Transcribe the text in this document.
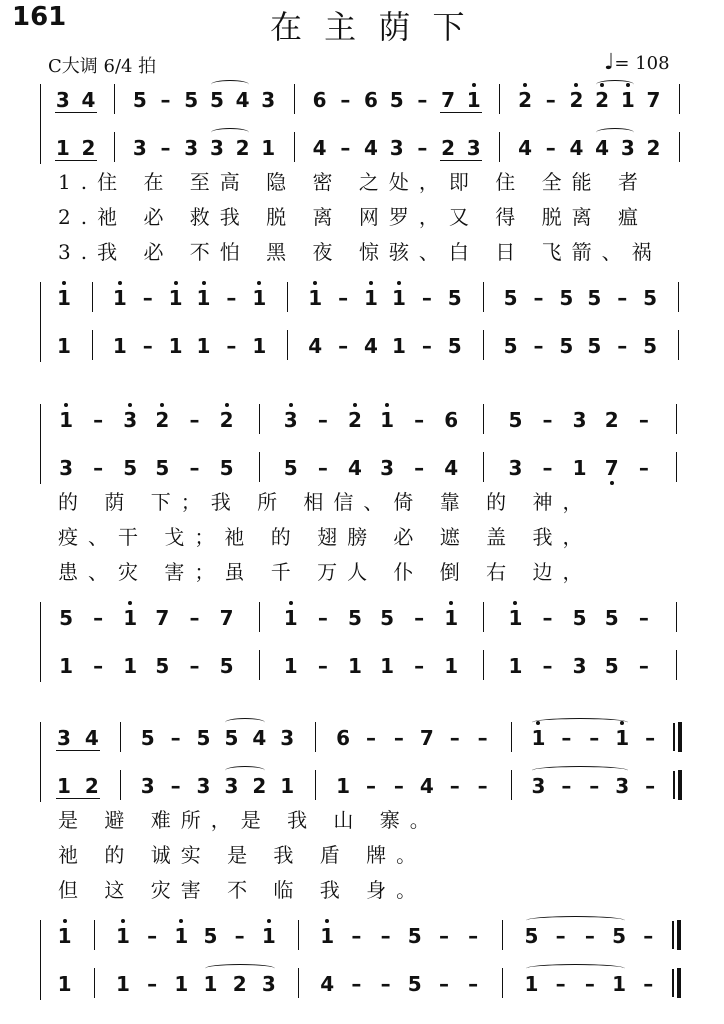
161	在 主 荫 下
C大调 6/4 拍	♩= 108
3 4 5 – 5 5 4 3 6 – 6 5 – 7 1 2 – 2 2 1 7
1 2 3 – 3 3 2 1 4 – 4 3 – 2 3 4 – 4 4 3 2
1.住 在 至高 隐 密 之处，即 住 全能 者
2.祂 必 救我 脱 离 网罗，又 得 脱离 瘟
3.我 必 不怕 黑 夜 惊骇、白 日 飞箭、祸
1 1 – 1 1 – 1 1 – 1 1 – 5 5 – 5 5 – 5
1 1 – 1 1 – 1 4 – 4 1 – 5 5 – 5 5 – 5
1 – 3 2 – 2	3 – 2 1 – 6	5 – 3 2 –
3 – 5 5 – 5	5 – 4 3 – 4	3 – 1 7 –
的 荫 下；我 所 相信、倚 靠 的 神，
疫、干 戈；祂 的 翅膀 必 遮 盖 我，
患、灾 害；虽 千 万人 仆 倒 右 边，
5 – 1 7 – 7	1 – 5 5 – 1	1 – 5 5 –
1 – 1 5 – 5	1 – 1 1 – 1	1 – 3 5 –
3 4 5 – 5 5 4 3 6 – – 7 – – 1 – – 1 –
1 2 3 – 3 3 2 1 1 – – 4 – – 3 – – 3 –
是 避 难所，是 我 山 寨。
祂 的 诚实 是 我 盾 牌。
但 这 灾害 不 临 我 身。
1 1 – 1 5 – 1 1 – – 5 – – 5 – – 5 –
1 1 – 1 1 2 3 4 – – 5 – – 1 – – 1 –
